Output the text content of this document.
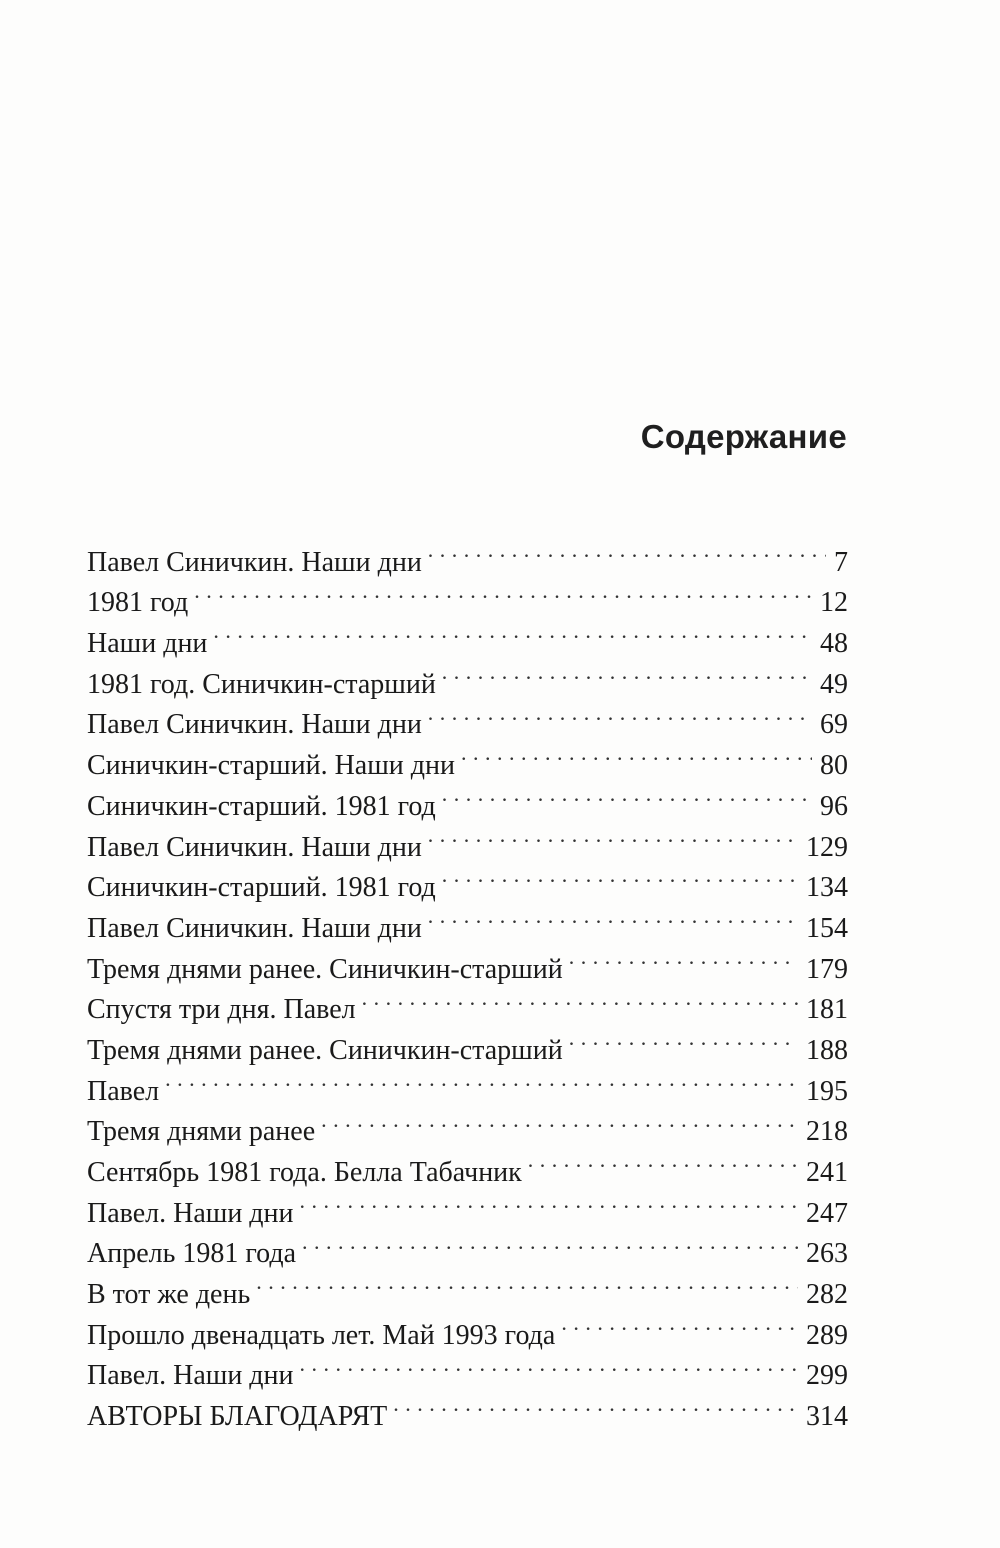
Содержание
Павел Синичкин. Наши дни . . .	7
1981 год . . .	12
Наши дни . . .	48
1981 год. Синичкин-старший . . .	49
Павел Синичкин. Наши дни . . .	69
Синичкин-старший. Наши дни . . .	80
Синичкин-старший. 1981 год . . .	96
Павел Синичкин. Наши дни . . .	129
Синичкин-старший. 1981 год . . .	134
Павел Синичкин. Наши дни . . .	154
Тремя днями ранее. Синичкин-старший . . .	179
Спустя три дня. Павел . . .	181
Тремя днями ранее. Синичкин-старший . . .	188
Павел . . .	195
Тремя днями ранее . . .	218
Сентябрь 1981 года. Белла Табачник . . .	241
Павел. Наши дни . . .	247
Апрель 1981 года . . .	263
В тот же день . . .	282
Прошло двенадцать лет. Май 1993 года . . .	289
Павел. Наши дни . . .	299
АВТОРЫ БЛАГОДАРЯТ . . .	314
